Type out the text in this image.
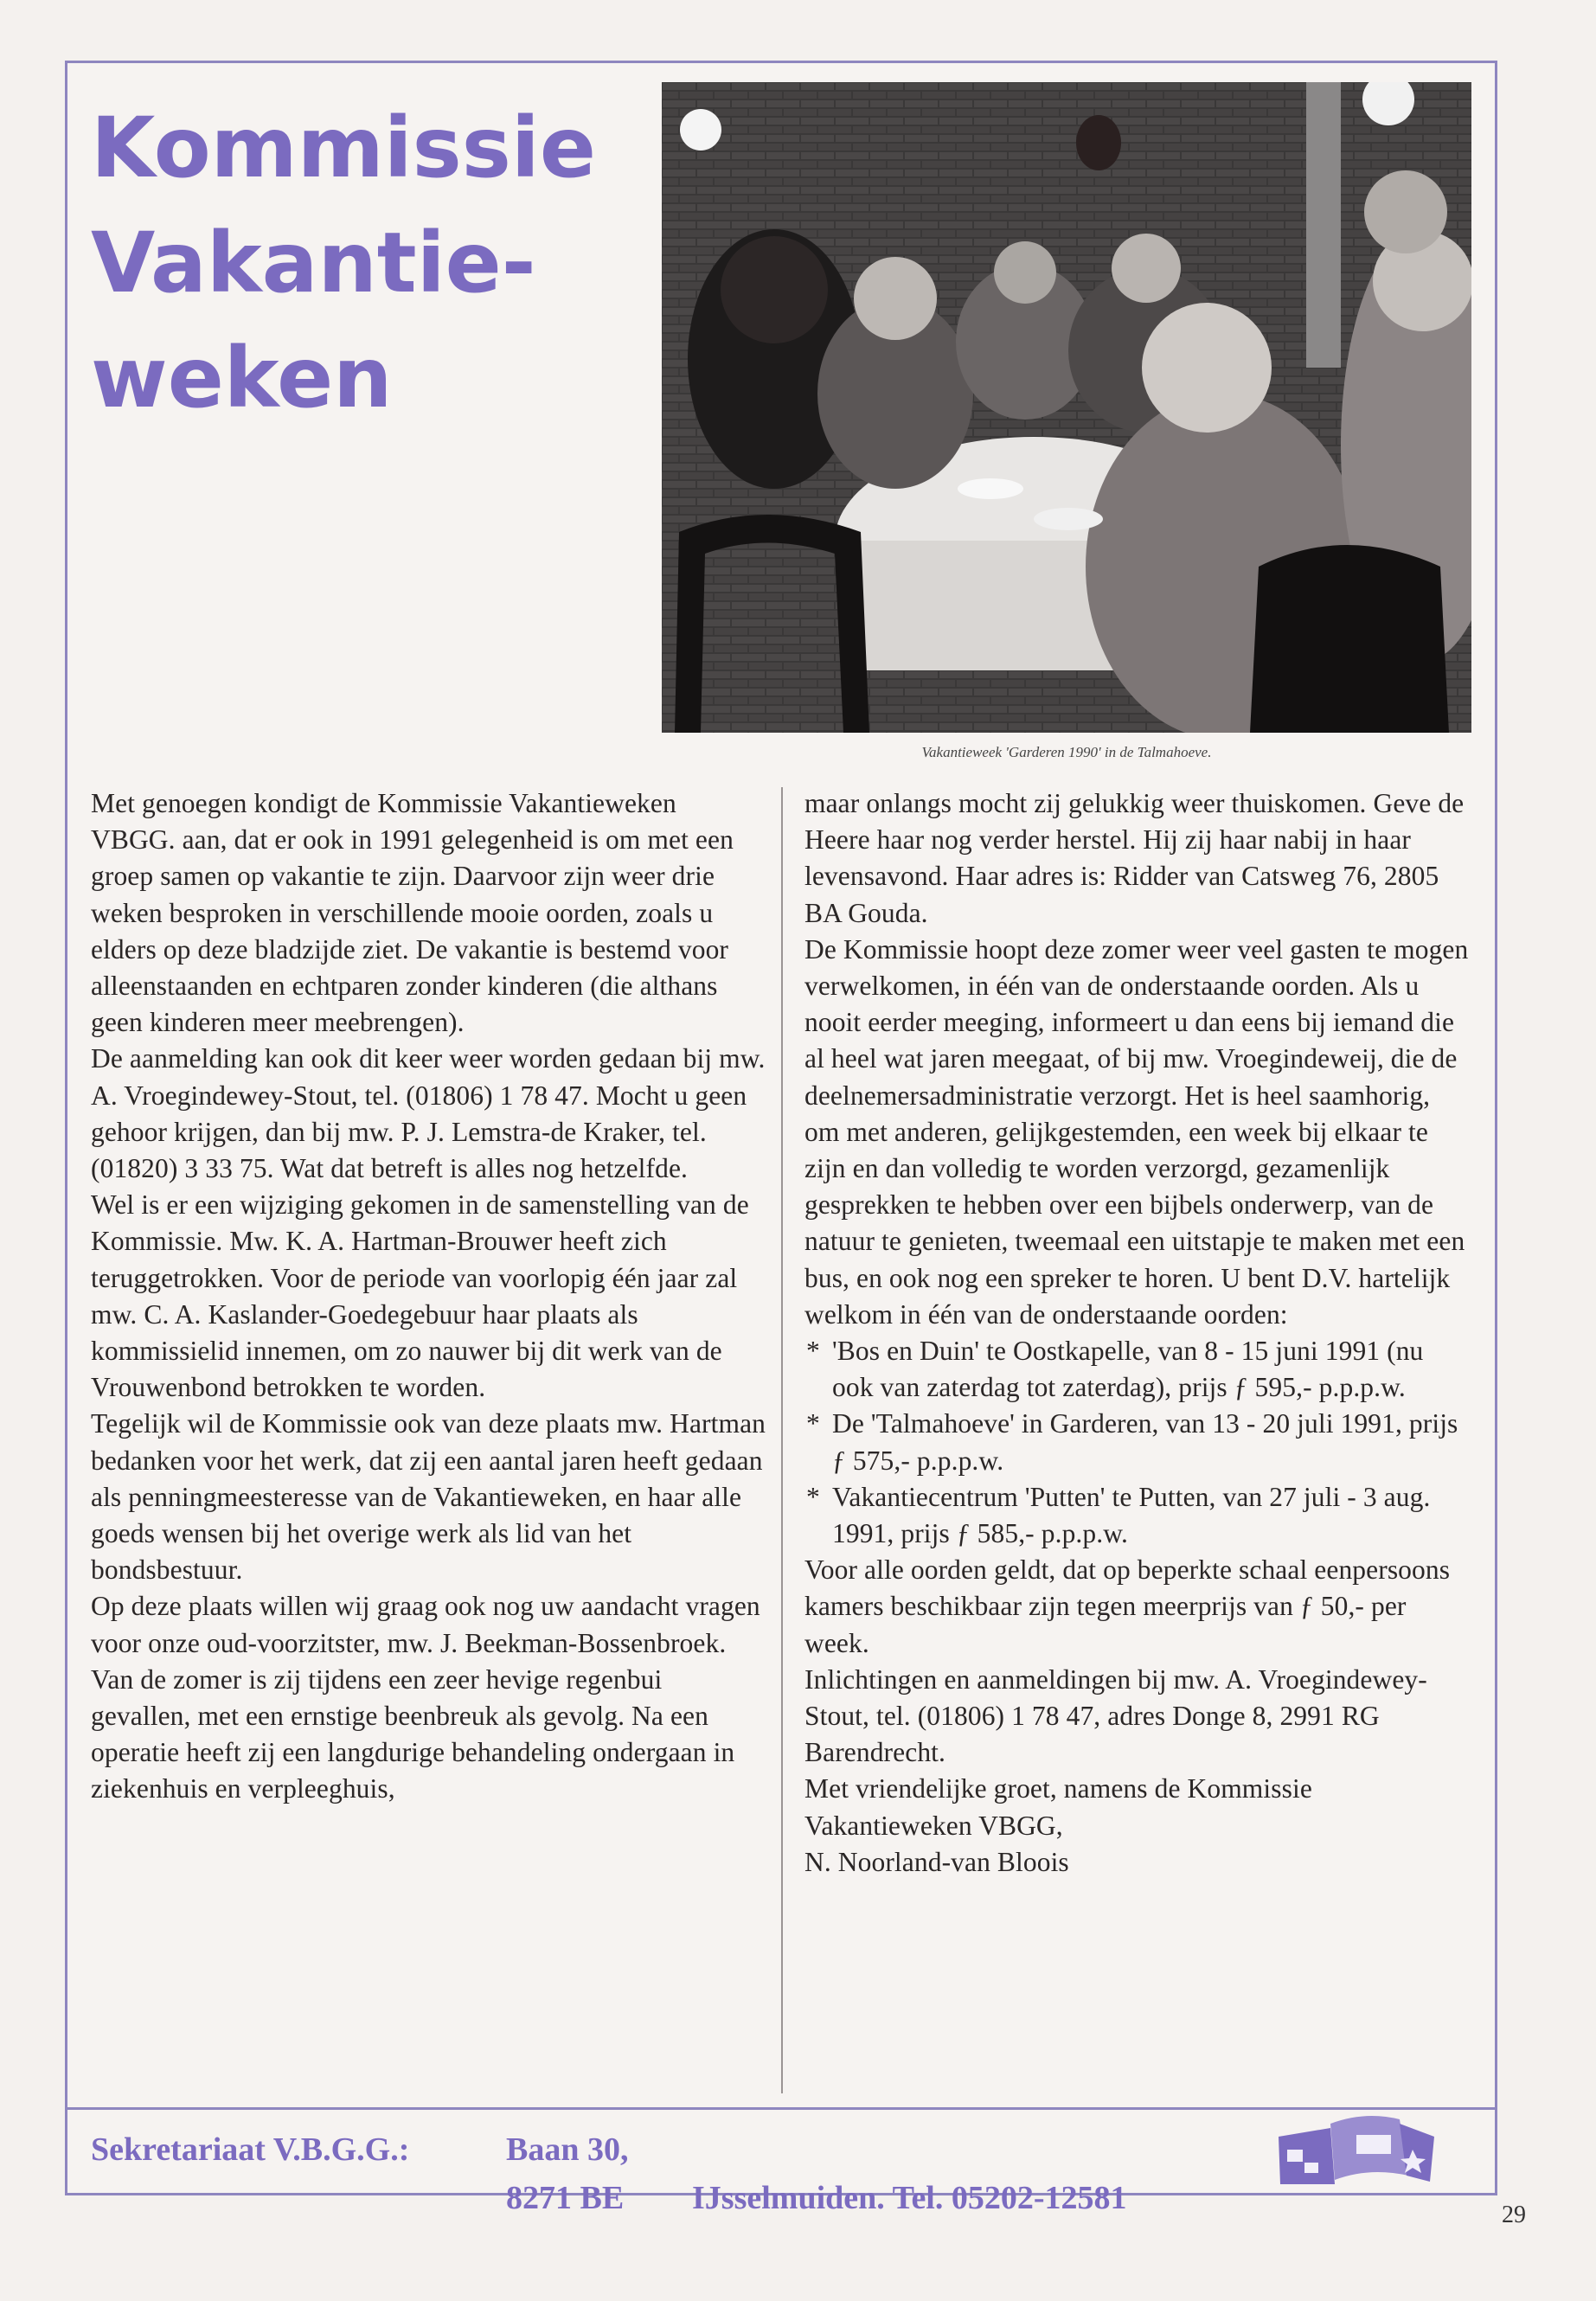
Kommissie
Vakantie-
weken
Vakantieweek 'Garderen 1990' in de Talmahoeve.

Met genoegen kondigt de Kommissie Vakantieweken VBGG. aan, dat er ook in 1991 gelegenheid is om met een groep samen op vakantie te zijn. Daarvoor zijn weer drie weken besproken in verschillende mooie oorden, zoals u elders op deze bladzijde ziet. De vakantie is bestemd voor alleenstaanden en echtparen zonder kinderen (die althans geen kinderen meer meebrengen).

De aanmelding kan ook dit keer weer worden gedaan bij mw. A. Vroegindewey-Stout, tel. (01806) 1 78 47. Mocht u geen gehoor krijgen, dan bij mw. P. J. Lemstra-de Kraker, tel. (01820) 3 33 75. Wat dat betreft is alles nog hetzelfde.

Wel is er een wijziging gekomen in de samenstelling van de Kommissie. Mw. K. A. Hartman-Brouwer heeft zich teruggetrokken. Voor de periode van voorlopig één jaar zal mw. C. A. Kaslander-Goedegebuur haar plaats als kommissielid innemen, om zo nauwer bij dit werk van de Vrouwenbond betrokken te worden.

Tegelijk wil de Kommissie ook van deze plaats mw. Hartman bedanken voor het werk, dat zij een aantal jaren heeft gedaan als penningmeesteresse van de Vakantieweken, en haar alle goeds wensen bij het overige werk als lid van het bondsbestuur.

Op deze plaats willen wij graag ook nog uw aandacht vragen voor onze oud-voorzitster, mw. J. Beekman-Bossenbroek. Van de zomer is zij tijdens een zeer hevige regenbui gevallen, met een ernstige beenbreuk als gevolg. Na een operatie heeft zij een langdurige behandeling ondergaan in ziekenhuis en verpleeghuis,

maar onlangs mocht zij gelukkig weer thuiskomen. Geve de Heere haar nog verder herstel. Hij zij haar nabij in haar levensavond. Haar adres is: Ridder van Catsweg 76, 2805 BA Gouda.

De Kommissie hoopt deze zomer weer veel gasten te mogen verwelkomen, in één van de onderstaande oorden. Als u nooit eerder meeging, informeert u dan eens bij iemand die al heel wat jaren meegaat, of bij mw. Vroegindeweij, die de deelnemersadministratie verzorgt. Het is heel saamhorig, om met anderen, gelijkgestemden, een week bij elkaar te zijn en dan volledig te worden verzorgd, gezamenlijk gesprekken te hebben over een bijbels onderwerp, van de natuur te genieten, tweemaal een uitstapje te maken met een bus, en ook nog een spreker te horen. U bent D.V. hartelijk welkom in één van de onderstaande oorden:

* 'Bos en Duin' te Oostkapelle, van 8 - 15 juni 1991 (nu ook van zaterdag tot zaterdag), prijs ƒ 595,- p.p.p.w.
* De 'Talmahoeve' in Garderen, van 13 - 20 juli 1991, prijs ƒ 575,- p.p.p.w.
* Vakantiecentrum 'Putten' te Putten, van 27 juli - 3 aug. 1991, prijs ƒ 585,- p.p.p.w.

Voor alle oorden geldt, dat op beperkte schaal eenpersoons kamers beschikbaar zijn tegen meerprijs van ƒ 50,- per week.

Inlichtingen en aanmeldingen bij mw. A. Vroegindewey-Stout, tel. (01806) 1 78 47, adres Donge 8, 2991 RG Barendrecht.

Met vriendelijke groet, namens de Kommissie Vakantieweken VBGG,

N. Noorland-van Bloois

Sekretariaat V.B.G.G.:	Baan 30,
8271 BE IJsselmuiden. Tel. 05202-12581	29
